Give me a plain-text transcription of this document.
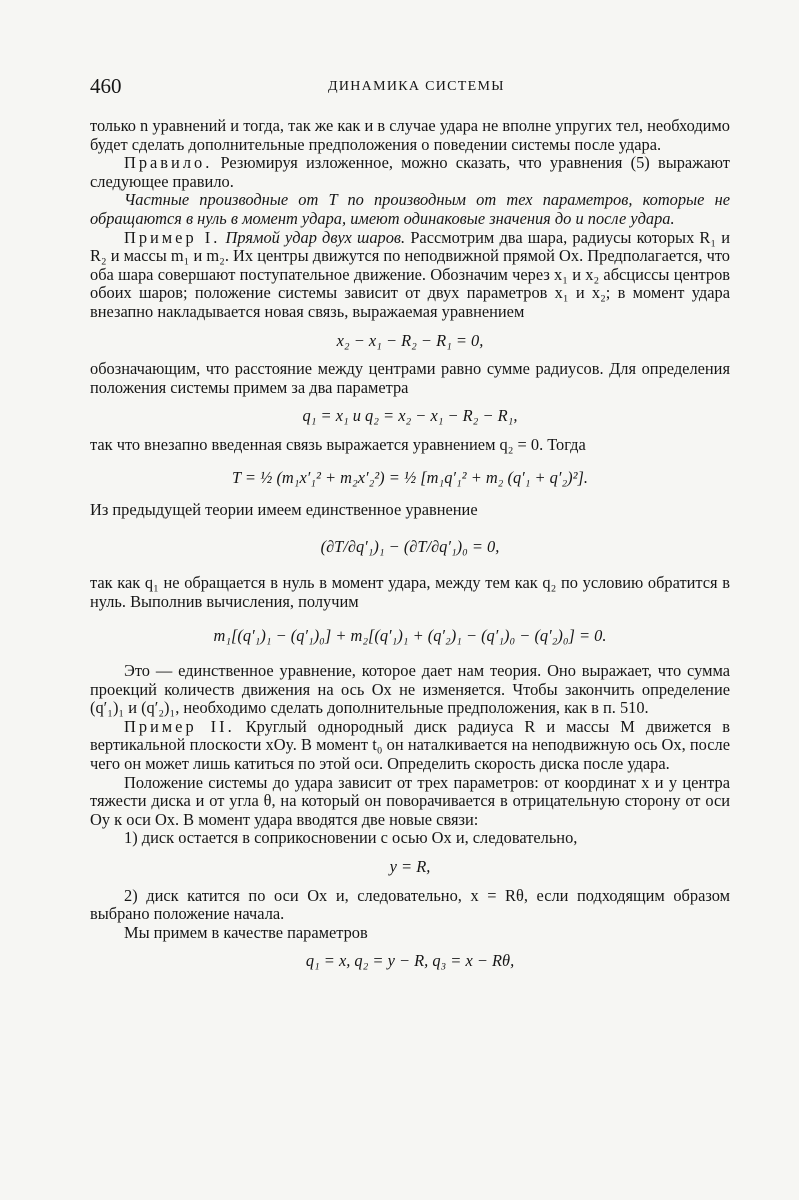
460	ДИНАМИКА СИСТЕМЫ

только n уравнений и тогда, так же как и в случае удара не вполне упругих тел, необходимо будет сделать дополнительные предположения о поведении системы после удара.

Правило. Резюмируя изложенное, можно сказать, что уравнения (5) выражают следующее правило.

Частные производные от T по производным от тех параметров, которые не обращаются в нуль в момент удара, имеют одинаковые значения до и после удара.

Пример I. Прямой удар двух шаров. Рассмотрим два шара, радиусы которых R₁ и R₂ и массы m₁ и m₂. Их центры движутся по неподвижной прямой Ox. Предполагается, что оба шара совершают поступательное движение. Обозначим через x₁ и x₂ абсциссы центров обоих шаров; положение системы зависит от двух параметров x₁ и x₂; в момент удара внезапно накладывается новая связь, выражаемая уравнением

x₂ − x₁ − R₂ − R₁ = 0,

обозначающим, что расстояние между центрами равно сумме радиусов. Для определения положения системы примем за два параметра

q₁ = x₁ и q₂ = x₂ − x₁ − R₂ − R₁,

так что внезапно введенная связь выражается уравнением q₂ = 0. Тогда

T = ½ (m₁x′₁² + m₂x′₂²) = ½ [m₁q′₁² + m₂ (q′₁ + q′₂)²].

Из предыдущей теории имеем единственное уравнение

(∂T/∂q′₁)₁ − (∂T/∂q′₁)₀ = 0,

так как q₁ не обращается в нуль в момент удара, между тем как q₂ по условию обратится в нуль. Выполнив вычисления, получим

m₁[(q′₁)₁ − (q′₁)₀] + m₂[(q′₁)₁ + (q′₂)₁ − (q′₁)₀ − (q′₂)₀] = 0.

Это — единственное уравнение, которое дает нам теория. Оно выражает, что сумма проекций количеств движения на ось Ox не изменяется. Чтобы закончить определение (q′₁)₁ и (q′₂)₁, необходимо сделать дополнительные предположения, как в п. 510.

Пример II. Круглый однородный диск радиуса R и массы M движется в вертикальной плоскости xOy. В момент t₀ он наталкивается на неподвижную ось Ox, после чего он может лишь катиться по этой оси. Определить скорость диска после удара.

Положение системы до удара зависит от трех параметров: от координат x и y центра тяжести диска и от угла θ, на который он поворачивается в отрицательную сторону от оси Oy к оси Ox. В момент удара вводятся две новые связи:

1) диск остается в соприкосновении с осью Ox и, следовательно,

y = R,

2) диск катится по оси Ox и, следовательно, x = Rθ, если подходящим образом выбрано положение начала.

Мы примем в качестве параметров

q₁ = x, q₂ = y − R, q₃ = x − Rθ,
